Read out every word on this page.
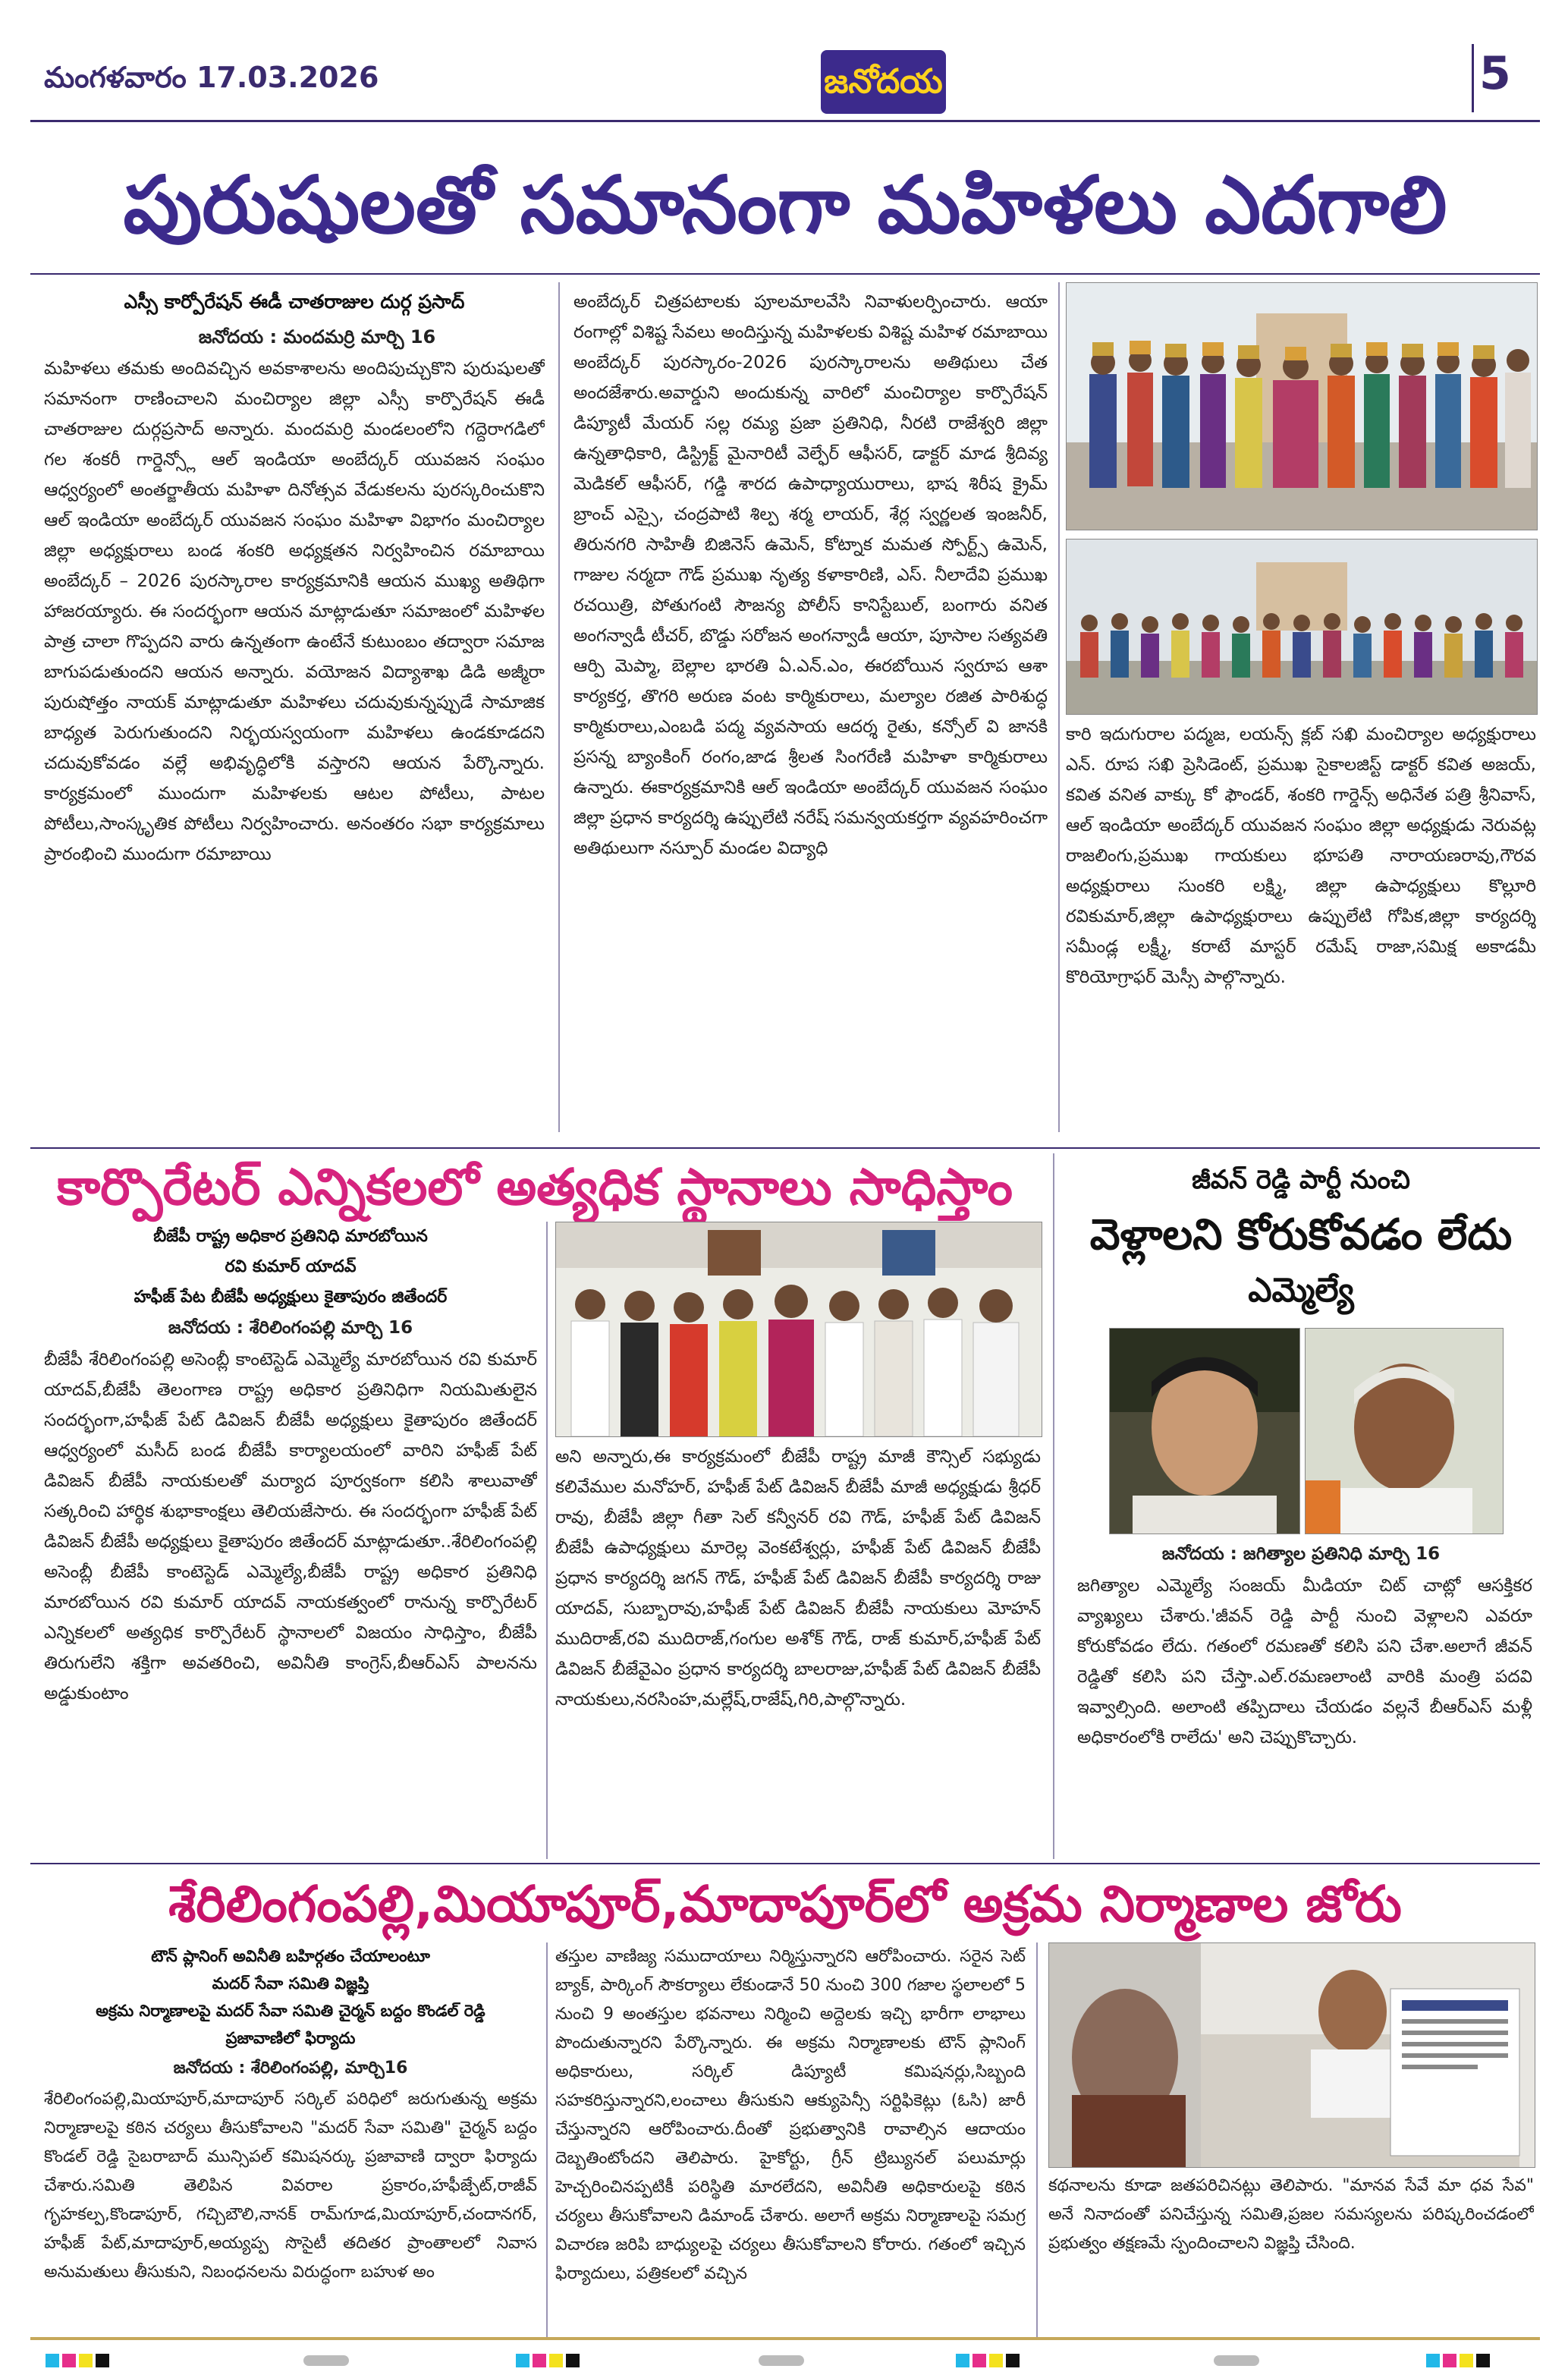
మంగళవారం 17.03.2026	జనోదయ	5
పురుషులతో సమానంగా మహిళలు ఎదగాలి
ఎస్సీ కార్పోరేషన్ ఈడీ చాతరాజుల దుర్గ ప్రసాద్
జనోదయ : మందమర్రి మార్చి 16
మహిళలు తమకు అందివచ్చిన అవకాశాలను అందిపుచ్చుకొని పురుషులతో సమానంగా రాణించాలని మంచిర్యాల జిల్లా ఎస్సీ కార్పొరేషన్ ఈడీ చాతరాజుల దుర్గప్రసాద్ అన్నారు. మందమర్రి మండలంలోని గద్దెరాగడిలో గల శంకరీ గార్డెన్స్లో ఆల్ ఇండియా అంబేద్కర్ యువజన సంఘం ఆధ్వర్యంలో అంతర్జాతీయ మహిళా దినోత్సవ వేడుకలను పురస్కరించుకొని ఆల్ ఇండియా అంబేద్కర్ యువజన సంఘం మహిళా విభాగం మంచిర్యాల జిల్లా అధ్యక్షురాలు బండ శంకరి అధ్యక్షతన నిర్వహించిన రమాబాయి అంబేద్కర్ – 2026 పురస్కారాల కార్యక్రమానికి ఆయన ముఖ్య అతిథిగా హాజరయ్యారు. ఈ సందర్భంగా ఆయన మాట్లాడుతూ సమాజంలో మహిళల పాత్ర చాలా గొప్పదని వారు ఉన్నతంగా ఉంటేనే కుటుంబం తద్వారా సమాజ బాగుపడుతుందని ఆయన అన్నారు. వయోజన విద్యాశాఖ డిడి అజ్మీరా పురుషోత్తం నాయక్ మాట్లాడుతూ మహిళలు చదువుకున్నప్పుడే సామాజిక బాధ్యత పెరుగుతుందని నిర్భయస్వయంగా మహిళలు ఉండకూడదని చదువుకోవడం వల్లే అభివృద్ధిలోకి వస్తారని ఆయన పేర్కొన్నారు. కార్యక్రమంలో ముందుగా మహిళలకు ఆటల పోటీలు, పాటల పోటీలు,సాంస్కృతిక పోటీలు నిర్వహించారు. అనంతరం సభా కార్యక్రమాలు ప్రారంభించి ముందుగా రమాబాయి
అంబేద్కర్ చిత్రపటాలకు పూలమాలవేసి నివాళులర్పించారు. ఆయా రంగాల్లో విశిష్ట సేవలు అందిస్తున్న మహిళలకు విశిష్ట మహిళ రమాబాయి అంబేద్కర్ పురస్కారం-2026 పురస్కారాలను అతిథులు చేత అందజేశారు.అవార్డుని అందుకున్న వారిలో మంచిర్యాల కార్పొరేషన్ డిప్యూటీ మేయర్ సల్ల రమ్య ప్రజా ప్రతినిధి, నీరటి రాజేశ్వరి జిల్లా ఉన్నతాధికారి, డిస్ట్రిక్ట్ మైనారిటీ వెల్ఫేర్ ఆఫీసర్, డాక్టర్ మాడ శ్రీదివ్య మెడికల్ ఆఫీసర్, గడ్డి శారద ఉపాధ్యాయురాలు, భాష శిరీష క్రైమ్ బ్రాంచ్ ఎస్సై, చంద్రపాటి శిల్ప శర్మ లాయర్, శేర్ల స్వర్ణలత ఇంజనీర్, తిరునగరి సాహితీ బిజినెస్ ఉమెన్, కోట్నాక మమత స్పోర్ట్స్ ఉమెన్, గాజుల నర్మదా గౌడ్ ప్రముఖ నృత్య కళాకారిణి, ఎస్. నీలాదేవి ప్రముఖ రచయిత్రి, పోతుగంటి సౌజన్య పోలీస్ కానిస్టేబుల్, బంగారు వనిత అంగన్వాడీ టీచర్, బొడ్డు సరోజన అంగన్వాడీ ఆయా, పూసాల సత్యవతి ఆర్పి మెప్మా, బెల్లాల భారతి ఏ.ఎన్.ఎం, ఈరబోయిన స్వరూప ఆశా కార్యకర్త, తొగరి అరుణ వంట కార్మికురాలు, మల్యాల రజిత పారిశుద్ధ కార్మికురాలు,ఎంబడి పద్మ వ్యవసాయ ఆదర్శ రైతు, కన్సోల్ వి జానకి ప్రసన్న బ్యాంకింగ్ రంగం,జాడ శ్రీలత సింగరేణి మహిళా కార్మికురాలు ఉన్నారు. ఈకార్యక్రమానికి ఆల్ ఇండియా అంబేద్కర్ యువజన సంఘం జిల్లా ప్రధాన కార్యదర్శి ఉప్పులేటి నరేష్ సమన్వయకర్తగా వ్యవహరించగా అతిథులుగా నస్పూర్ మండల విద్యాధి
కారి ఇదుగురాల పద్మజ, లయన్స్ క్లబ్ సఖి మంచిర్యాల అధ్యక్షురాలు ఎన్. రూప సఖి ప్రెసిడెంట్, ప్రముఖ సైకాలజిస్ట్ డాక్టర్ కవిత అజయ్, కవిత వనిత వాక్కు కో ఫౌండర్, శంకరి గార్డెన్స్ అధినేత పత్రి శ్రీనివాస్, ఆల్ ఇండియా అంబేద్కర్ యువజన సంఘం జిల్లా అధ్యక్షుడు నెరువట్ల రాజలింగు,ప్రముఖ గాయకులు భూపతి నారాయణరావు,గౌరవ అధ్యక్షురాలు సుంకరి లక్ష్మి, జిల్లా ఉపాధ్యక్షులు కొల్లూరి రవికుమార్,జిల్లా ఉపాధ్యక్షురాలు ఉప్పులేటి గోపిక,జిల్లా కార్యదర్శి సమీండ్ల లక్ష్మీ, కరాటే మాస్టర్ రమేష్ రాజా,సమిక్ష అకాడమీ కొరియోగ్రాఫర్ మెస్సీ పాల్గొన్నారు.
కార్పొరేటర్ ఎన్నికలలో అత్యధిక స్థానాలు సాధిస్తాం
బీజేపీ రాష్ట్ర అధికార ప్రతినిధి మారబోయిన
రవి కుమార్ యాదవ్
హఫీజ్ పేట బీజేపీ అధ్యక్షులు కైతాపురం జితేందర్
జనోదయ : శేరిలింగంపల్లి మార్చి 16
బీజేపీ శేరిలింగంపల్లి అసెంబ్లీ కాంటెస్టెడ్ ఎమ్మెల్యే మారబోయిన రవి కుమార్ యాదవ్,బీజేపీ తెలంగాణ రాష్ట్ర అధికార ప్రతినిధిగా నియమితులైన సందర్భంగా,హఫీజ్ పేట్ డివిజన్ బీజేపీ అధ్యక్షులు కైతాపురం జితేందర్ ఆధ్వర్యంలో మసీద్ బండ బీజేపీ కార్యాలయంలో వారిని హఫీజ్ పేట్ డివిజన్ బీజేపీ నాయకులతో మర్యాద పూర్వకంగా కలిసి శాలువాతో సత్కరించి హార్థిక శుభాకాంక్షలు తెలియజేసారు. ఈ సందర్భంగా హఫీజ్ పేట్ డివిజన్ బీజేపీ అధ్యక్షులు కైతాపురం జితేందర్ మాట్లాడుతూ..శేరిలింగంపల్లి అసెంబ్లీ బీజేపీ కాంటెస్టెడ్ ఎమ్మెల్యే,బీజేపీ రాష్ట్ర అధికార ప్రతినిధి మారబోయిన రవి కుమార్ యాదవ్ నాయకత్వంలో రానున్న కార్పొరేటర్ ఎన్నికలలో అత్యధిక కార్పొరేటర్ స్థానాలలో విజయం సాధిస్తాం, బీజేపీ తిరుగులేని శక్తిగా అవతరించి, అవినీతి కాంగ్రెస్,బీఆర్ఎస్ పాలనను అడ్డుకుంటాం
అని అన్నారు,ఈ కార్యక్రమంలో బీజేపీ రాష్ట్ర మాజీ కౌన్సిల్ సభ్యుడు కలివేముల మనోహర్, హఫీజ్ పేట్ డివిజన్ బీజేపీ మాజీ అధ్యక్షుడు శ్రీధర్ రావు, బీజేపీ జిల్లా గీతా సెల్ కన్వీనర్ రవి గౌడ్, హఫీజ్ పేట్ డివిజన్ బీజేపీ ఉపాధ్యక్షులు మారెల్ల వెంకటేశ్వర్లు, హఫీజ్ పేట్ డివిజన్ బీజేపీ ప్రధాన కార్యదర్శి జగన్ గౌడ్, హఫీజ్ పేట్ డివిజన్ బీజేపీ కార్యదర్శి రాజు యాదవ్, సుబ్బారావు,హఫీజ్ పేట్ డివిజన్ బీజేపీ నాయకులు మోహన్ ముదిరాజ్,రవి ముదిరాజ్,గంగుల అశోక్ గౌడ్, రాజ్ కుమార్,హఫీజ్ పేట్ డివిజన్ బీజేవైఎం ప్రధాన కార్యదర్శి బాలరాజు,హఫీజ్ పేట్ డివిజన్ బీజేపీ నాయకులు,నరసింహ,మల్లేష్,రాజేష్,గిరి,పాల్గొన్నారు.
జీవన్ రెడ్డి పార్టీ నుంచి
వెళ్లాలని కోరుకోవడం లేదు
ఎమ్మెల్యే
జనోదయ : జగిత్యాల ప్రతినిధి మార్చి 16
జగిత్యాల ఎమ్మెల్యే సంజయ్ మీడియా చిట్ చాట్లో ఆసక్తికర వ్యాఖ్యలు చేశారు.'జీవన్ రెడ్డి పార్టీ నుంచి వెళ్లాలని ఎవరూ కోరుకోవడం లేదు. గతంలో రమణతో కలిసి పని చేశా.అలాగే జీవన్ రెడ్డితో కలిసి పని చేస్తా.ఎల్.రమణలాంటి వారికి మంత్రి పదవి ఇవ్వాల్సింది. అలాంటి తప్పిదాలు చేయడం వల్లనే బీఆర్ఎస్ మళ్లీ అధికారంలోకి రాలేదు' అని చెప్పుకొచ్చారు.
శేరిలింగంపల్లి,మియాపూర్,మాదాపూర్‌లో అక్రమ నిర్మాణాల జోరు
టౌన్ ప్లానింగ్ అవినీతి బహిర్గతం చేయాలంటూ
మదర్ సేవా సమితి విజ్ఞప్తి
అక్రమ నిర్మాణాలపై మదర్ సేవా సమితి చైర్మన్ బద్దం కొండల్ రెడ్డి
ప్రజావాణిలో ఫిర్యాదు
జనోదయ : శేరిలింగంపల్లి, మార్చి16
శేరిలింగంపల్లి,మియాపూర్,మాదాపూర్ సర్కిల్ పరిధిలో జరుగుతున్న అక్రమ నిర్మాణాలపై కఠిన చర్యలు తీసుకోవాలని "మదర్ సేవా సమితి" చైర్మన్ బద్దం కొండల్ రెడ్డి సైబరాబాద్ మున్సిపల్ కమిషనర్కు ప్రజావాణి ద్వారా ఫిర్యాదు చేశారు.సమితి తెలిపిన వివరాల ప్రకారం,హఫీజ్పేట్,రాజీవ్ గృహకల్ప,కొండాపూర్, గచ్చిబౌలి,నానక్ రామ్‌గూడ,మియాపూర్,చందానగర్, హఫీజ్ పేట్,మాదాపూర్,అయ్యప్ప సొసైటీ తదితర ప్రాంతాలలో నివాస అనుమతులు తీసుకుని, నిబంధనలను విరుద్ధంగా బహుళ అం
తస్తుల వాణిజ్య సముదాయాలు నిర్మిస్తున్నారని ఆరోపించారు. సరైన సెట్ బ్యాక్, పార్కింగ్ సౌకర్యాలు లేకుండానే 50 నుంచి 300 గజాల స్థలాలలో 5 నుంచి 9 అంతస్తుల భవనాలు నిర్మించి అద్దెలకు ఇచ్చి భారీగా లాభాలు పొందుతున్నారని పేర్కొన్నారు. ఈ అక్రమ నిర్మాణాలకు టౌన్ ప్లానింగ్ అధికారులు, సర్కిల్ డిప్యూటీ కమిషనర్లు,సిబ్బంది సహకరిస్తున్నారని,లంచాలు తీసుకుని ఆక్యుపెన్సీ సర్టిఫికెట్లు (ఓసి) జారీ చేస్తున్నారని ఆరోపించారు.దీంతో ప్రభుత్వానికి రావాల్సిన ఆదాయం దెబ్బతింటోందని తెలిపారు. హైకోర్టు, గ్రీన్ ట్రిబ్యునల్ పలుమార్లు హెచ్చరించినప్పటికీ పరిస్థితి మారలేదని, అవినీతి అధికారులపై కఠిన చర్యలు తీసుకోవాలని డిమాండ్ చేశారు. అలాగే అక్రమ నిర్మాణాలపై సమగ్ర విచారణ జరిపి బాధ్యులపై చర్యలు తీసుకోవాలని కోరారు. గతంలో ఇచ్చిన ఫిర్యాదులు, పత్రికలలో వచ్చిన
కథనాలను కూడా జతపరిచినట్లు తెలిపారు. "మానవ సేవే మా ధవ సేవ" అనే నినాదంతో పనిచేస్తున్న సమితి,ప్రజల సమస్యలను పరిష్కరించడంలో ప్రభుత్వం తక్షణమే స్పందించాలని విజ్ఞప్తి చేసింది.
